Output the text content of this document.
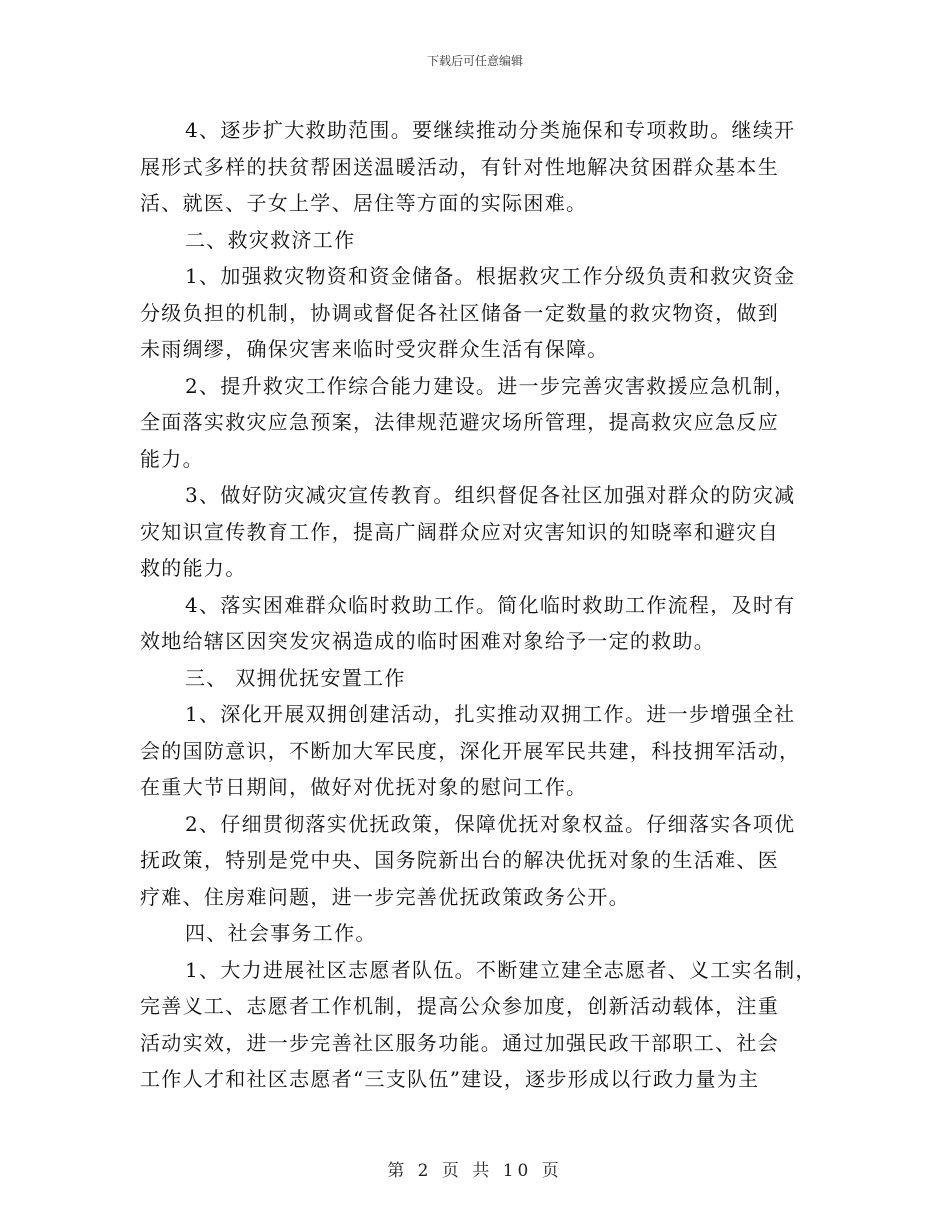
下载后可任意编辑
4、逐步扩大救助范围。要继续推动分类施保和专项救助。继续开
展形式多样的扶贫帮困送温暖活动，有针对性地解决贫困群众基本生
活、就医、子女上学、居住等方面的实际困难。
二、救灾救济工作
1、加强救灾物资和资金储备。根据救灾工作分级负责和救灾资金
分级负担的机制，协调或督促各社区储备一定数量的救灾物资，做到
未雨绸缪，确保灾害来临时受灾群众生活有保障。
2、提升救灾工作综合能力建设。进一步完善灾害救援应急机制，
全面落实救灾应急预案，法律规范避灾场所管理，提高救灾应急反应
能力。
3、做好防灾减灾宣传教育。组织督促各社区加强对群众的防灾减
灾知识宣传教育工作，提高广阔群众应对灾害知识的知晓率和避灾自
救的能力。
4、落实困难群众临时救助工作。简化临时救助工作流程，及时有
效地给辖区因突发灾祸造成的临时困难对象给予一定的救助。
三、 双拥优抚安置工作
1、深化开展双拥创建活动，扎实推动双拥工作。进一步增强全社
会的国防意识，不断加大军民度，深化开展军民共建，科技拥军活动，
在重大节日期间，做好对优抚对象的慰问工作。
2、仔细贯彻落实优抚政策，保障优抚对象权益。仔细落实各项优
抚政策，特别是党中央、国务院新出台的解决优抚对象的生活难、医
疗难、住房难问题，进一步完善优抚政策政务公开。
四、社会事务工作。
1、大力进展社区志愿者队伍。不断建立建全志愿者、义工实名制，
完善义工、志愿者工作机制，提高公众参加度，创新活动载体，注重
活动实效，进一步完善社区服务功能。通过加强民政干部职工、社会
工作人才和社区志愿者“三支队伍”建设，逐步形成以行政力量为主
第 2 页 共 10 页
